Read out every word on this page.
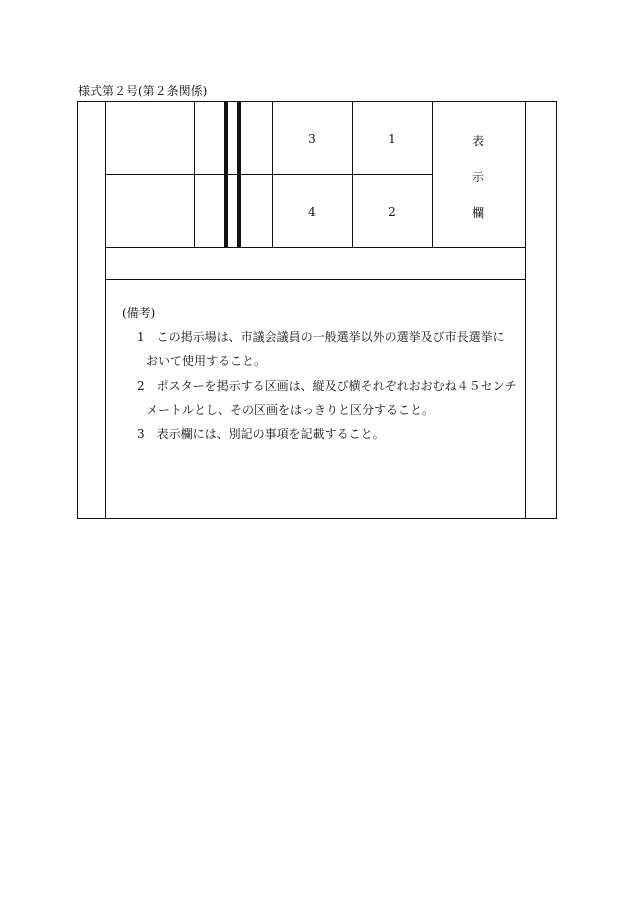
様式第２号(第２条関係)
3	1
4	2
表
示
欄
(備考)
1　この掲示場は、市議会議員の一般選挙以外の選挙及び市長選挙に
おいて使用すること。
2　ポスターを掲示する区画は、縦及び横それぞれおおむね４５センチ
メートルとし、その区画をはっきりと区分すること。
3　表示欄には、別記の事項を記載すること。
